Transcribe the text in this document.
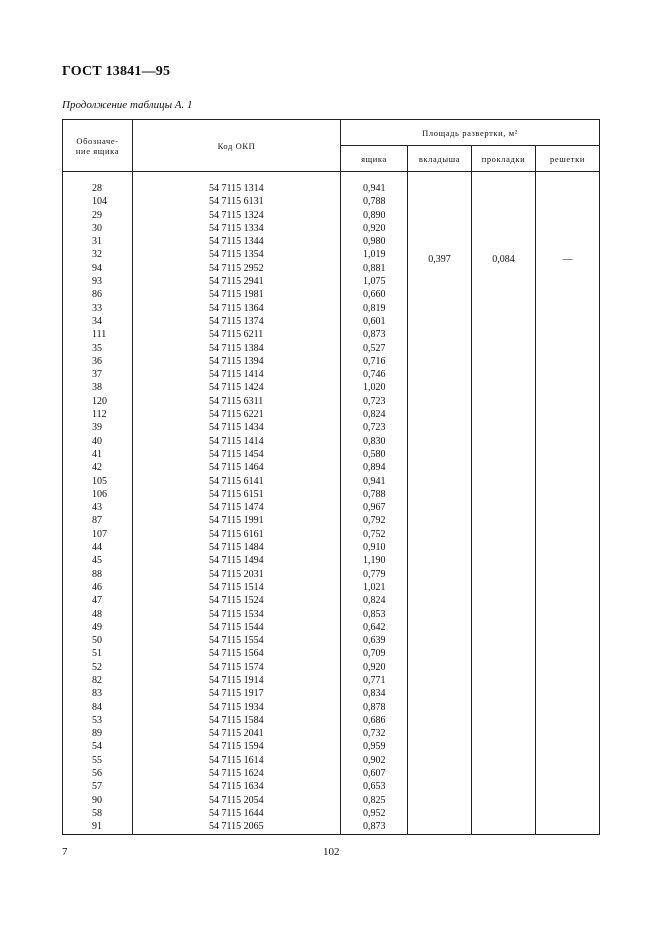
ГОСТ 13841—95
Продолжение таблицы А. 1
Обозначе-
ние ящика	Код ОКП	Площадь развертки, м²			
		ящика	вкладыша	прокладки	решетки
			0,397	0,084	—
28	54 7115 1314	0,941			
104	54 7115 6131	0,788			
29	54 7115 1324	0,890			
30	54 7115 1334	0,920			
31	54 7115 1344	0,980			
32	54 7115 1354	1,019			
94	54 7115 2952	0,881			
93	54 7115 2941	1,075			
86	54 7115 1981	0,660			
33	54 7115 1364	0,819			
34	54 7115 1374	0,601			
111	54 7115 6211	0,873			
35	54 7115 1384	0,527			
36	54 7115 1394	0,716			
37	54 7115 1414	0,746			
38	54 7115 1424	1,020			
120	54 7115 6311	0,723			
112	54 7115 6221	0,824			
39	54 7115 1434	0,723			
40	54 7115 1414	0,830			
41	54 7115 1454	0,580			
42	54 7115 1464	0,894			
105	54 7115 6141	0,941			
106	54 7115 6151	0,788			
43	54 7115 1474	0,967			
87	54 7115 1991	0,792			
107	54 7115 6161	0,752			
44	54 7115 1484	0,910			
45	54 7115 1494	1,190			
88	54 7115 2031	0,779			
46	54 7115 1514	1,021			
47	54 7115 1524	0,824			
48	54 7115 1534	0,853			
49	54 7115 1544	0,642			
50	54 7115 1554	0,639			
51	54 7115 1564	0,709			
52	54 7115 1574	0,920			
82	54 7115 1914	0,771			
83	54 7115 1917	0,834			
84	54 7115 1934	0,878			
53	54 7115 1584	0,686			
89	54 7115 2041	0,732			
54	54 7115 1594	0,959			
55	54 7115 1614	0,902			
56	54 7115 1624	0,607			
57	54 7115 1634	0,653			
90	54 7115 2054	0,825			
58	54 7115 1644	0,952			
91	54 7115 2065	0,873			
7	102
